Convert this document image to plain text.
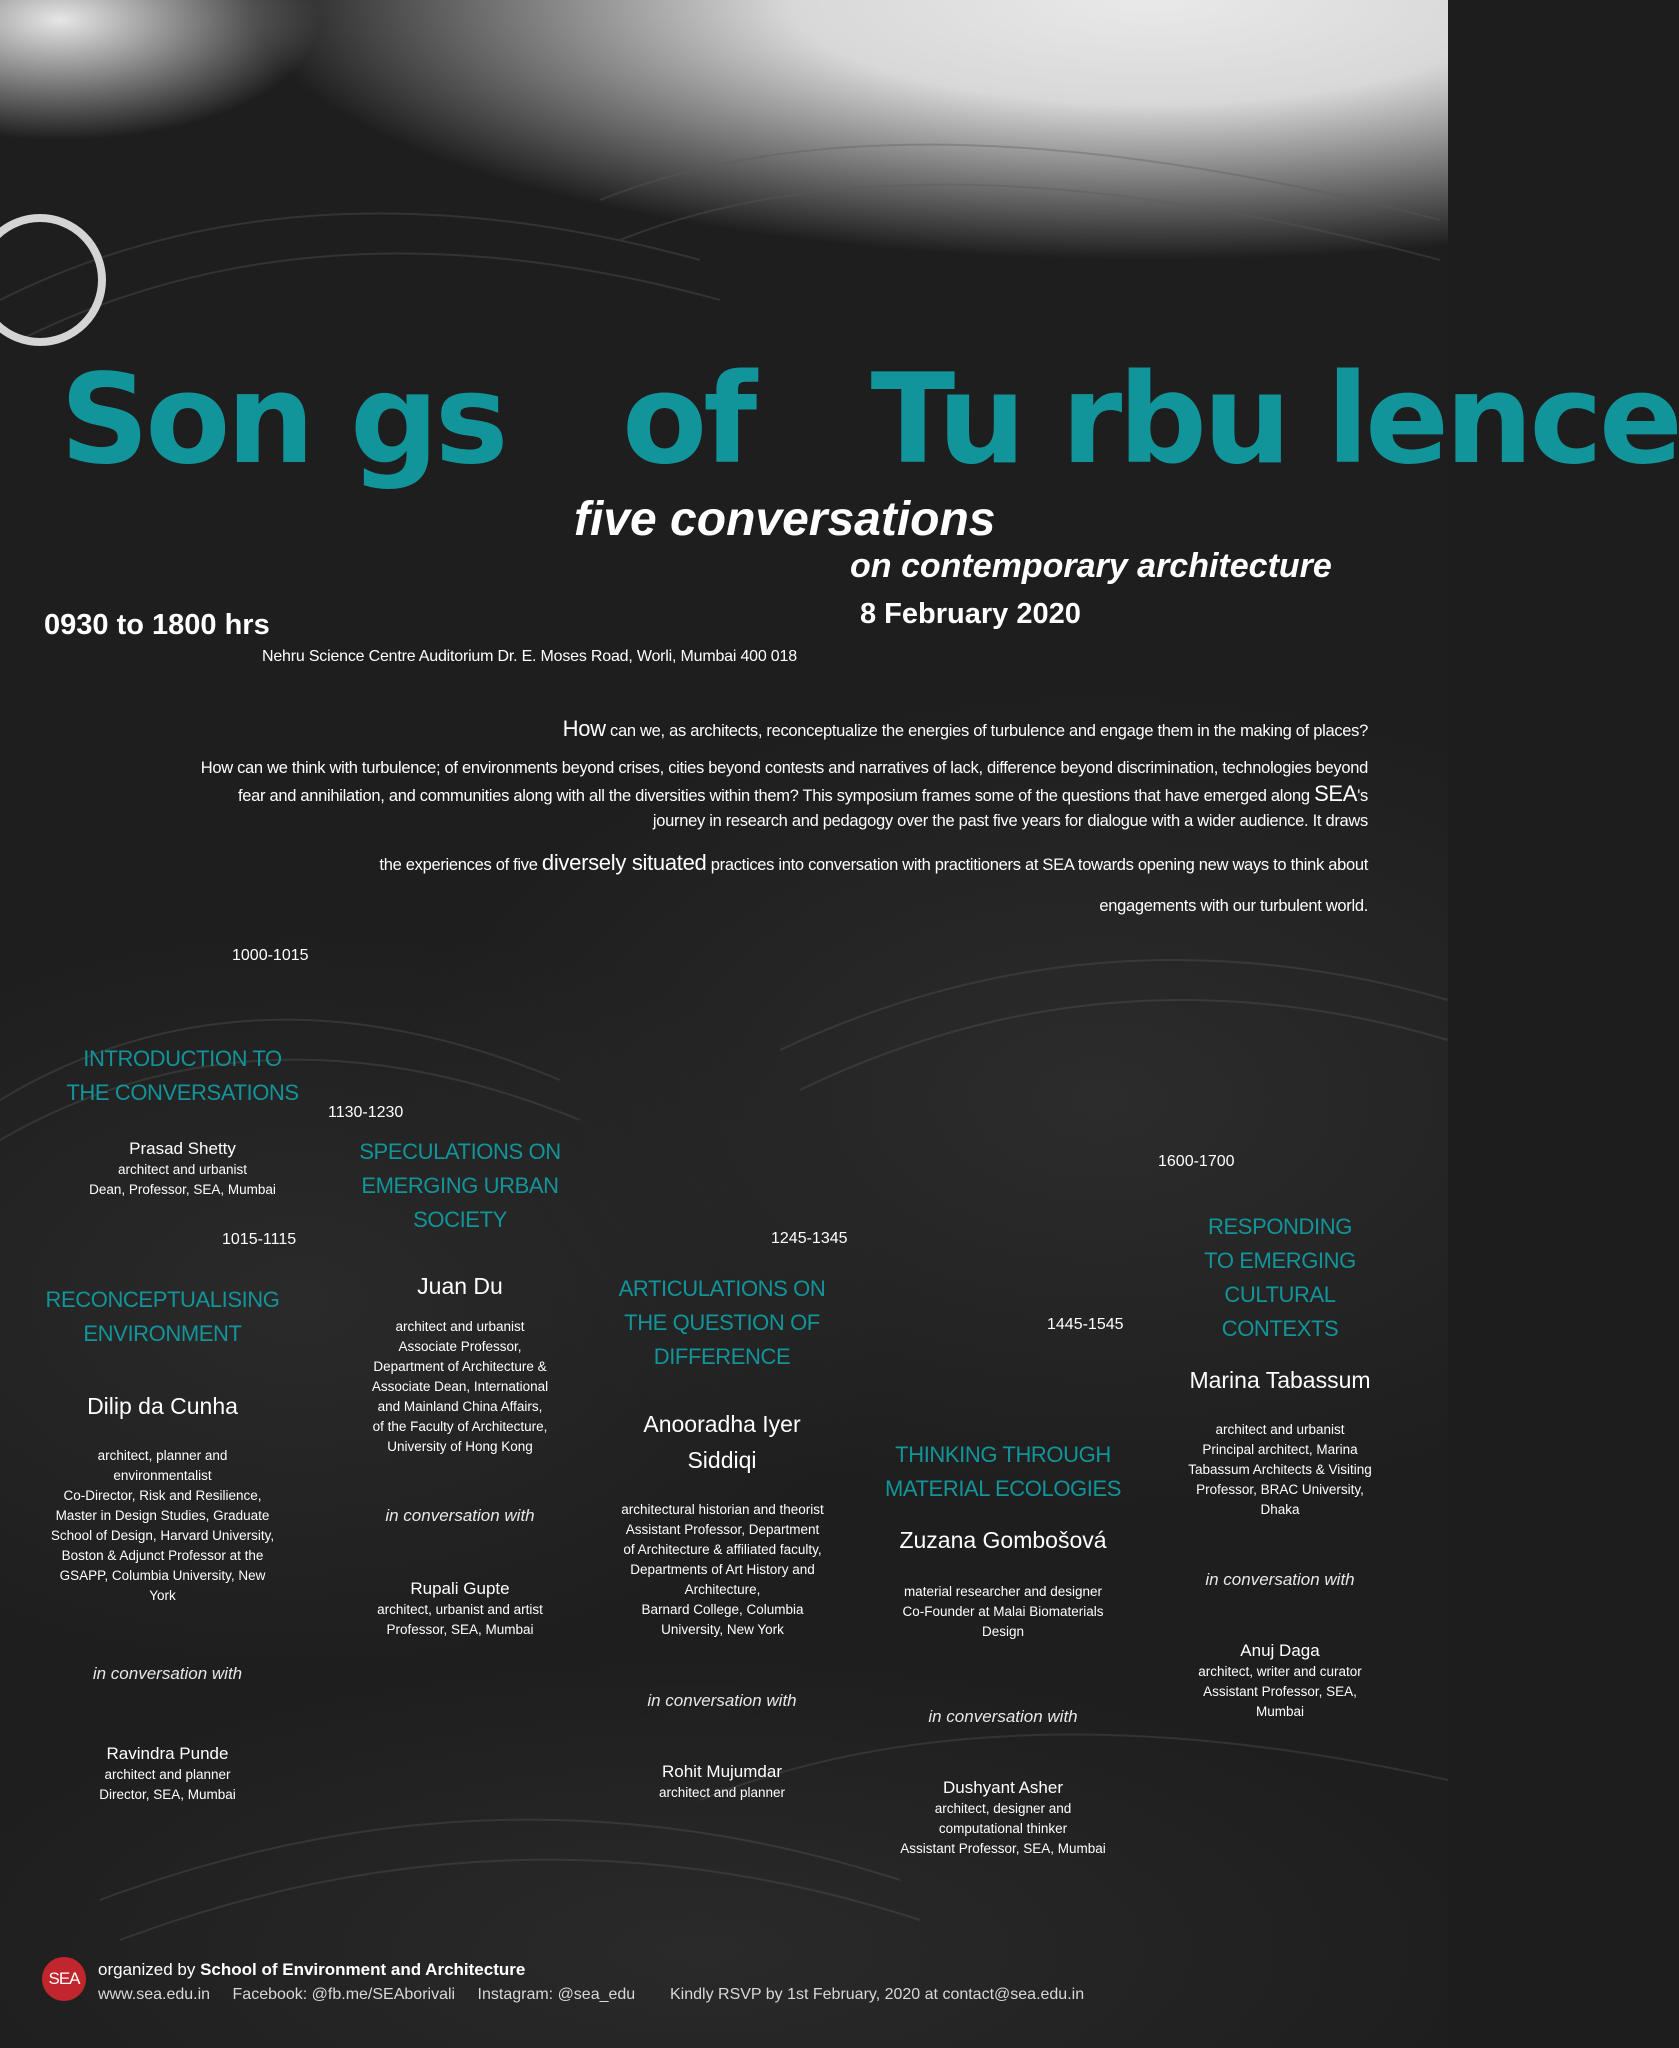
Son gs   of   Tu rbu lence
five conversations
on contemporary architecture
8 February 2020
0930 to 1800 hrs
Nehru Science Centre Auditorium Dr. E. Moses Road, Worli, Mumbai 400 018

How can we, as architects, reconceptualize the energies of turbulence and engage them in the making of places?

How can we think with turbulence; of environments beyond crises, cities beyond contests and narratives of lack, difference beyond discrimination, technologies beyond fear and annihilation, and communities along with all the diversities within them? This symposium frames some of the questions that have emerged along SEA's journey in research and pedagogy over the past five years for dialogue with a wider audience. It draws

the experiences of five diversely situated practices into conversation with practitioners at SEA towards opening new ways to think about

engagements with our turbulent world.

1000-1015
INTRODUCTION TO
THE CONVERSATIONS
Prasad Shetty
architect and urbanist
Dean, Professor, SEA, Mumbai
1015-1115
RECONCEPTUALISING
ENVIRONMENT
Dilip da Cunha
architect, planner and
environmentalist
Co-Director, Risk and Resilience,
Master in Design Studies, Graduate
School of Design, Harvard University,
Boston & Adjunct Professor at the
GSAPP, Columbia University, New
York
in conversation with
Ravindra Punde
architect and planner
Director, SEA, Mumbai
1130-1230
SPECULATIONS ON
EMERGING URBAN
SOCIETY
Juan Du
architect and urbanist
Associate Professor,
Department of Architecture &
Associate Dean, International
and Mainland China Affairs,
of the Faculty of Architecture,
University of Hong Kong
in conversation with
Rupali Gupte
architect, urbanist and artist
Professor, SEA, Mumbai
1245-1345
ARTICULATIONS ON
THE QUESTION OF
DIFFERENCE
Anooradha Iyer
Siddiqi
architectural historian and theorist
Assistant Professor, Department
of Architecture & affiliated faculty,
Departments of Art History and
Architecture,
Barnard College, Columbia
University, New York
in conversation with
Rohit Mujumdar
architect and planner
1445-1545
THINKING THROUGH
MATERIAL ECOLOGIES
Zuzana Gombošová
material researcher and designer
Co-Founder at Malai Biomaterials
Design
in conversation with
Dushyant Asher
architect, designer and
computational thinker
Assistant Professor, SEA, Mumbai
1600-1700
RESPONDING
TO EMERGING
CULTURAL
CONTEXTS
Marina Tabassum
architect and urbanist
Principal architect, Marina
Tabassum Architects & Visiting
Professor, BRAC University,
Dhaka
in conversation with
Anuj Daga
architect, writer and curator
Assistant Professor, SEA,
Mumbai
SEA	organized by School of Environment and Architecture
www.sea.edu.in Facebook: @fb.me/SEAborivali Instagram: @sea_edu	Kindly RSVP by 1st February, 2020 at contact@sea.edu.in
